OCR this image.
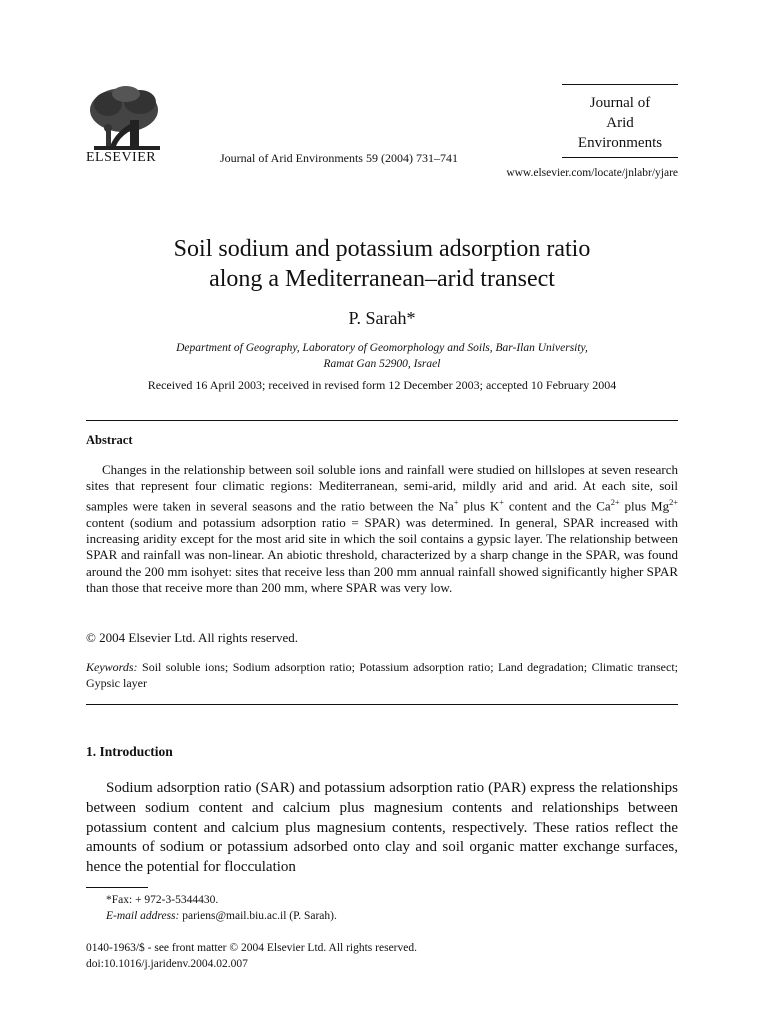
ELSEVIER	Journal of Arid Environments 59 (2004) 731–741
Journal of
Arid
Environments
www.elsevier.com/locate/jnlabr/yjare
Soil sodium and potassium adsorption ratio
along a Mediterranean–arid transect
P. Sarah*
Department of Geography, Laboratory of Geomorphology and Soils, Bar-Ilan University,
Ramat Gan 52900, Israel
Received 16 April 2003; received in revised form 12 December 2003; accepted 10 February 2004
Abstract
Changes in the relationship between soil soluble ions and rainfall were studied on hillslopes at seven research sites that represent four climatic regions: Mediterranean, semi-arid, mildly arid and arid. At each site, soil samples were taken in several seasons and the ratio between the Na+ plus K+ content and the $Ca^{2+}$ plus $Mg^{2+}$ content (sodium and potassium adsorption ratio = SPAR) was determined. In general, SPAR increased with increasing aridity except for the most arid site in which the soil contains a gypsic layer. The relationship between SPAR and rainfall was non-linear. An abiotic threshold, characterized by a sharp change in the SPAR, was found around the 200 mm isohyet: sites that receive less than 200 mm annual rainfall showed significantly higher SPAR than those that receive more than 200 mm, where SPAR was very low.
© 2004 Elsevier Ltd. All rights reserved.
Keywords: Soil soluble ions; Sodium adsorption ratio; Potassium adsorption ratio; Land degradation; Climatic transect; Gypsic layer
1. Introduction
Sodium adsorption ratio (SAR) and potassium adsorption ratio (PAR) express the relationships between sodium content and calcium plus magnesium contents and relationships between potassium content and calcium plus magnesium contents, respectively. These ratios reflect the amounts of sodium or potassium adsorbed onto clay and soil organic matter exchange surfaces, hence the potential for flocculation
*Fax: + 972-3-5344430.
E-mail address: pariens@mail.biu.ac.il (P. Sarah).
0140-1963/$ - see front matter © 2004 Elsevier Ltd. All rights reserved.
doi:10.1016/j.jaridenv.2004.02.007
